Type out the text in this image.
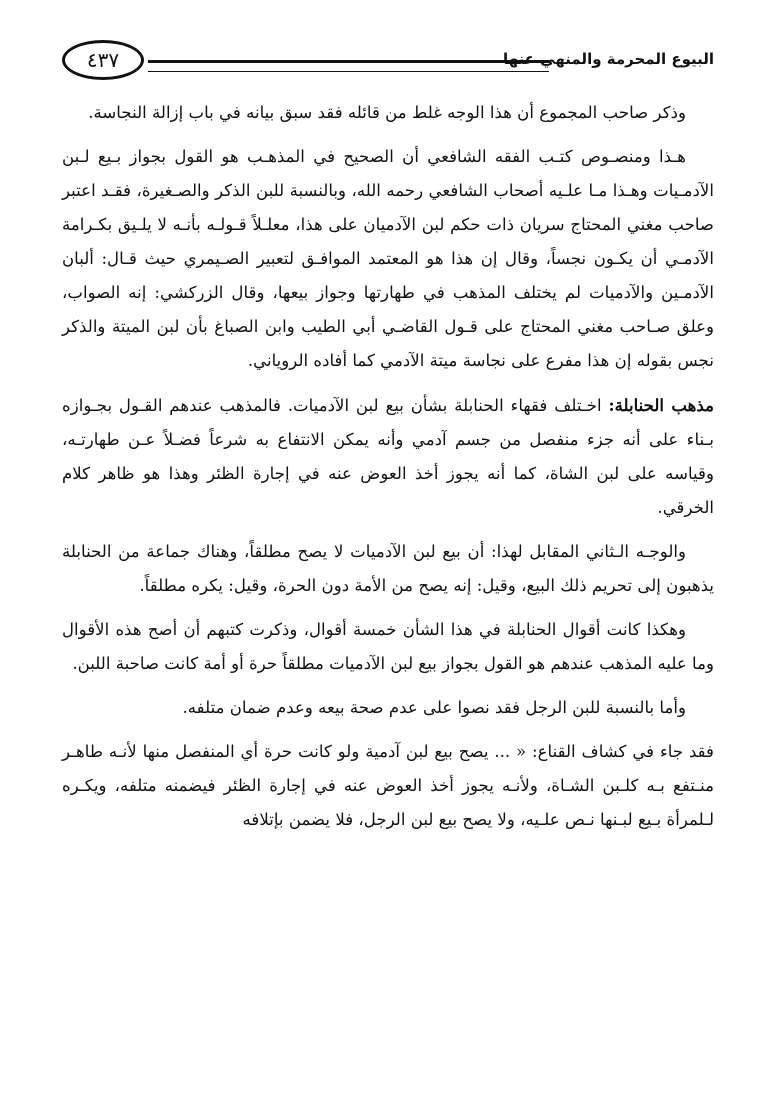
٤٣٧	البيوع المحرمة والمنهي عنها

وذكر صاحب المجموع أن هذا الوجه غلط من قائله فقد سبق بيانه في باب إزالة النجاسة.

هـذا ومنصـوص كتـب الفقه الشافعي أن الصحيح في المذهـب هو القول بجواز بـيع لـبن الآدمـيات وهـذا مـا علـيه أصحاب الشافعي رحمه الله، وبالنسبة للبن الذكر والصـغيرة، فقـد اعتبر صاحب مغني المحتاج سريان ذات حكم لبن الآدميان على هذا، معلـلاً قـولـه بأنـه لا يلـيق بكـرامة الآدمـي أن يكـون نجساً، وقال إن هذا هو المعتمد الموافـق لتعبير الصـيمري حيث قـال: ألبان الآدمـين والآدميات لم يختلف المذهب في طهارتها وجواز بيعها، وقال الزركشي: إنه الصواب، وعلق صـاحب مغني المحتاج على قـول القاضـي أبي الطيب وابن الصباغ بأن لبن الميتة والذكر نجس بقوله إن هذا مفرع على نجاسة ميتة الآدمي كما أفاده الروياني.

مذهب الحنابلة: اخـتلف فقهاء الحنابلة بشأن بيع لبن الآدميات. فالمذهب عندهم القـول بجـوازه بـناء على أنه جزء منفصل من جسم آدمي وأنه يمكن الانتفاع به شرعاً فضـلاً عـن طهارتـه، وقياسه على لبن الشاة، كما أنه يجوز أخذ العوض عنه في إجارة الظئر وهذا هو ظاهر كلام الخرقي.

والوجـه الـثاني المقابل لهذا: أن بيع لبن الآدميات لا يصح مطلقاً، وهناك جماعة من الحنابلة يذهبون إلى تحريم ذلك البيع، وقيل: إنه يصح من الأمة دون الحرة، وقيل: يكره مطلقاً.

وهكذا كانت أقوال الحنابلة في هذا الشأن خمسة أقوال، وذكرت كتبهم أن أصح هذه الأقوال وما عليه المذهب عندهم هو القول بجواز بيع لبن الآدميات مطلقاً حرة أو أمة كانت صاحبة اللبن.

وأما بالنسبة للبن الرجل فقد نصوا على عدم صحة بيعه وعدم ضمان متلفه.

فقد جاء في كشاف القناع: « ... يصح بيع لبن آدمية ولو كانت حرة أي المنفصل منها لأنـه طاهـر منـتفع بـه كلـبن الشـاة، ولأنـه يجوز أخذ العوض عنه في إجارة الظئر فيضمنه متلفه، ويكـره لـلمرأة بـيع لبـنها نـص علـيه، ولا يصح بيع لبن الرجل، فلا يضمن بإتلافه
